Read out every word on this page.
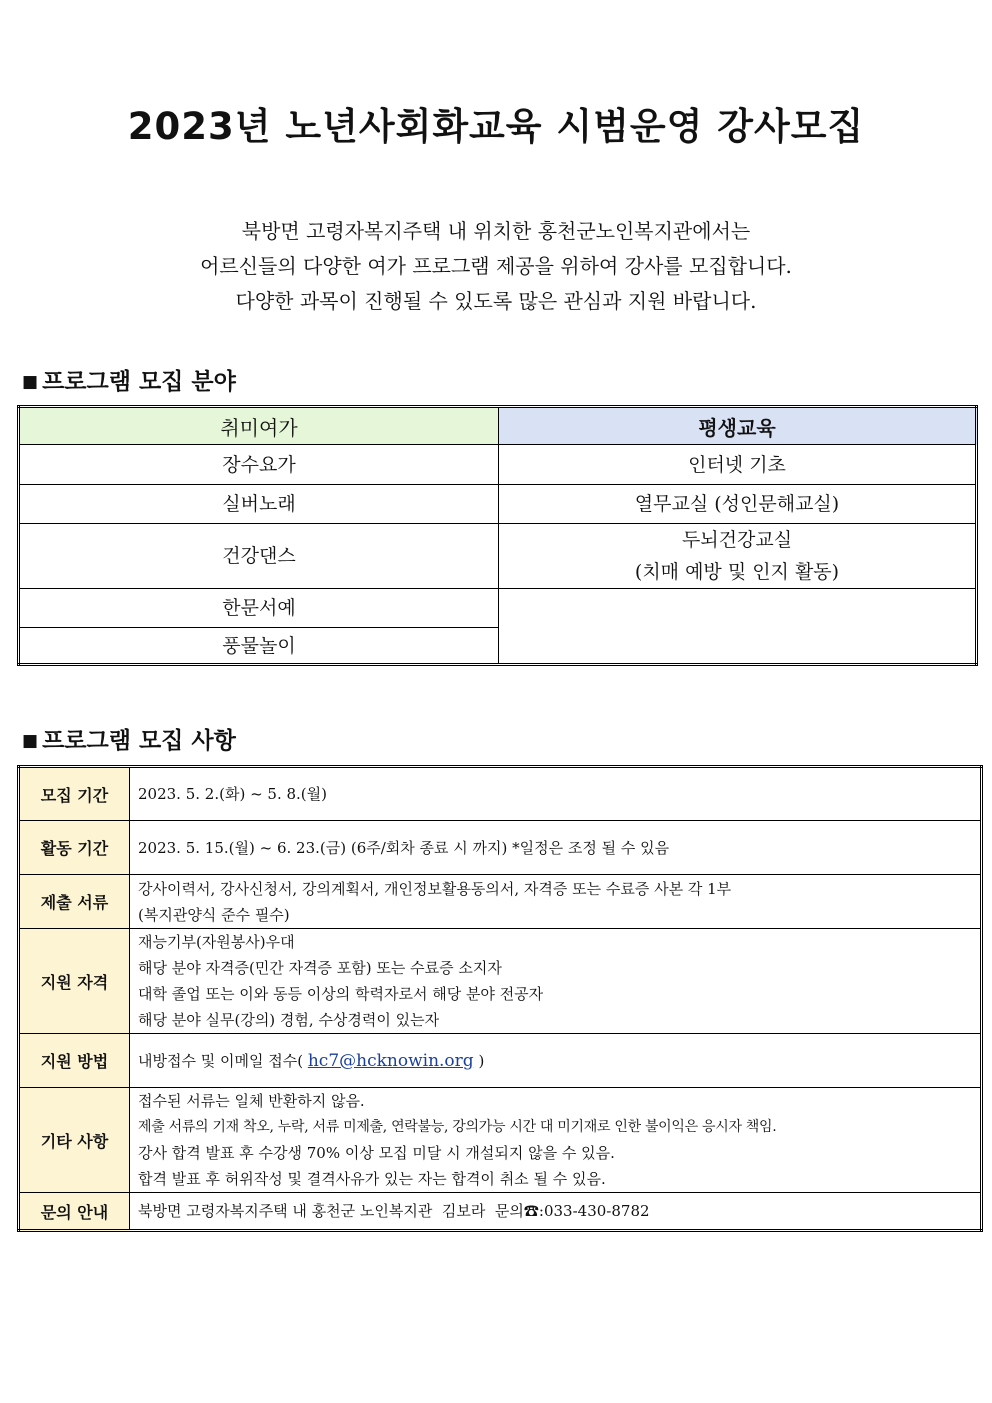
2023년 노년사회화교육 시범운영 강사모집
북방면 고령자복지주택 내 위치한 홍천군노인복지관에서는
어르신들의 다양한 여가 프로그램 제공을 위하여 강사를 모집합니다.
다양한 과목이 진행될 수 있도록 많은 관심과 지원 바랍니다.
■ 프로그램 모집 분야
취미여가	평생교육
장수요가	인터넷 기초
실버노래	열무교실 (성인문해교실)
건강댄스	두뇌건강교실
(치매 예방 및 인지 활동)

한문서예	
풍물놀이	
■ 프로그램 모집 사항
모집 기간	2023. 5. 2.(화) ~ 5. 8.(월)
활동 기간	2023. 5. 15.(월) ~ 6. 23.(금) (6주/회차 종료 시 까지) *일정은 조정 될 수 있음
제출 서류	강사이력서, 강사신청서, 강의계획서, 개인정보활용동의서, 자격증 또는 수료증 사본 각 1부
(복지관양식 준수 필수)

지원 자격	재능기부(자원봉사)우대
해당 분야 자격증(민간 자격증 포함) 또는 수료증 소지자
대학 졸업 또는 이와 동등 이상의 학력자로서 해당 분야 전공자
해당 분야 실무(강의) 경험, 수상경력이 있는자

지원 방법	내방접수 및 이메일 접수( hc7@hcknowin.org )
기타 사항	접수된 서류는 일체 반환하지 않음.
제출 서류의 기재 착오, 누락, 서류 미제출, 연락불능, 강의가능 시간 대 미기재로 인한 불이익은 응시자 책임.
강사 합격 발표 후 수강생 70% 이상 모집 미달 시 개설되지 않을 수 있음.
합격 발표 후 허위작성 및 결격사유가 있는 자는 합격이 취소 될 수 있음.

문의 안내	북방면 고령자복지주택 내 홍천군 노인복지관  김보라  문의☎:033-430-8782
